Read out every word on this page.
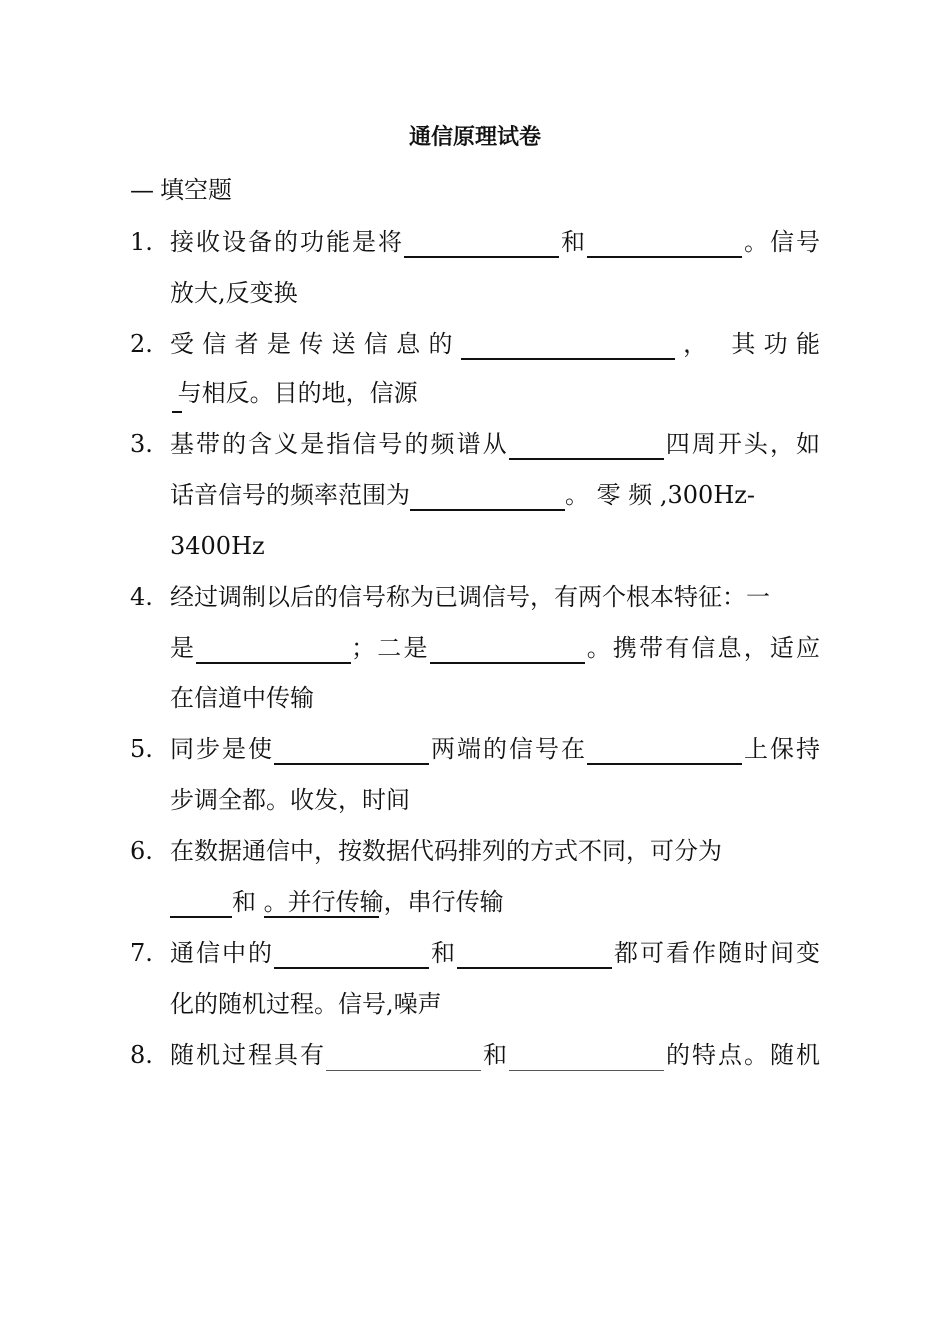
通信原理试卷
— 填空题
1. 接收设备的功能是将	和	。信号
放大,反变换
2. 受信者是传送信息的	， 其功能
与相反。目的地，信源
3. 基带的含义是指信号的频谱从	四周开头，如
话音信号的频率范围为	。 零 频 ,300Hz-
3400Hz
4. 经过调制以后的信号称为已调信号，有两个根本特征：一
是	；二是	。携带有信息，适应
在信道中传输
5. 同步是使	两端的信号在	上保持
步调全都。收发，时间
6. 在数据通信中，按数据代码排列的方式不同，可分为
和 。并行传输，串行传输
7. 通信中的	和	都可看作随时间变
化的随机过程。信号,噪声
8. 随机过程具有	和	的特点。随机
